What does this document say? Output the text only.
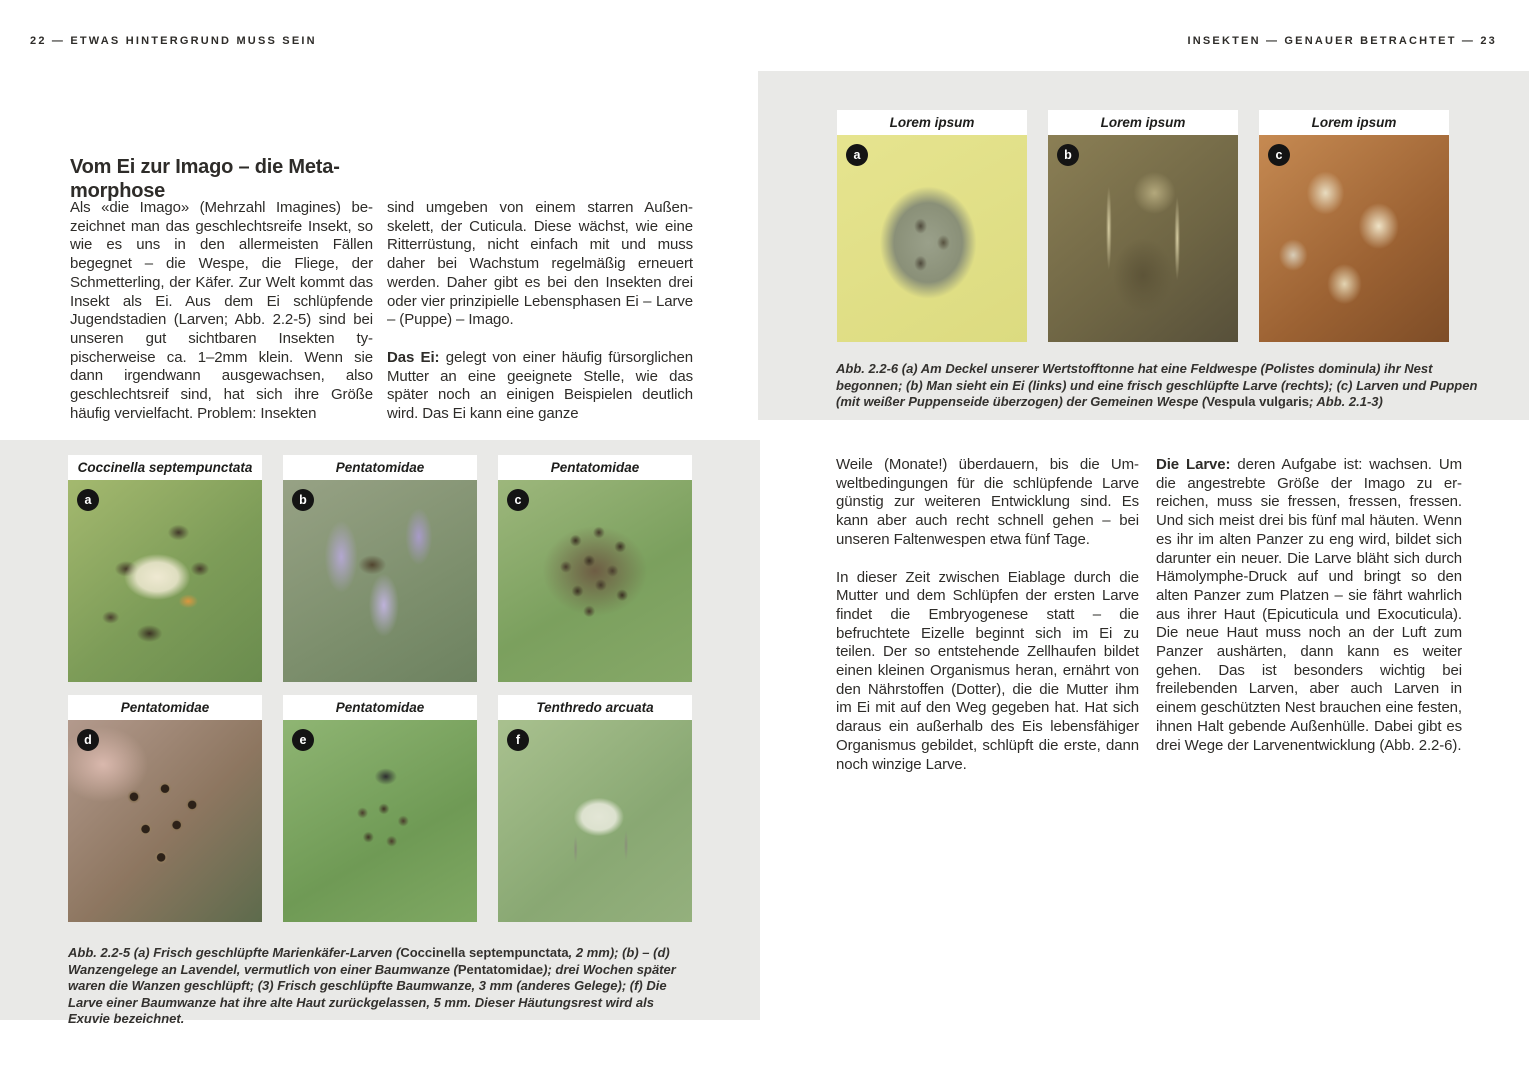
22 — ETWAS HINTERGRUND MUSS SEIN	INSEKTEN — GENAUER BETRACHTET — 23
Vom Ei zur Imago – die Metamorphose

Als «die Imago» (Mehrzahl Imagines) bezeichnet man das geschlechtsreife Insekt, so wie es uns in den allermeisten Fällen begegnet – die Wespe, die Fliege, der Schmetterling, der Käfer. Zur Welt kommt das Insekt als Ei. Aus dem Ei schlüpfende Jugendstadien (Larven; Abb. 2.2-5) sind bei unseren gut sichtbaren Insekten typischerweise ca. 1–2mm klein. Wenn sie dann irgendwann ausgewachsen, also geschlechtsreif sind, hat sich ihre Größe häufig vervielfacht. Problem: Insekten

sind umgeben von einem starren Außenskelett, der Cuticula. Diese wächst, wie eine Ritterrüstung, nicht einfach mit und muss daher bei Wachstum regelmäßig erneuert werden. Daher gibt es bei den Insekten drei oder vier prinzipielle Lebensphasen Ei – Larve – (Puppe) – Imago.

Das Ei: gelegt von einer häufig fürsorglichen Mutter an eine geeignete Stelle, wie das später noch an einigen Beispielen deutlich wird. Das Ei kann eine ganze

Coccinella septempunctata
a
Pentatomidae
b
Pentatomidae
c
Pentatomidae
d
Pentatomidae
e
Tenthredo arcuata
f

Abb. 2.2-5 (a) Frisch geschlüpfte Marienkäfer-Larven (Coccinella septempunctata, 2 mm); (b) – (d) Wanzengelege an Lavendel, vermutlich von einer Baumwanze (Pentatomidae); drei Wochen später waren die Wanzen geschlüpft; (3) Frisch geschlüpfte Baumwanze, 3 mm (anderes Gelege); (f) Die Larve einer Baumwanze hat ihre alte Haut zurückgelassen, 5 mm. Dieser Häutungsrest wird als Exuvie bezeichnet.

Lorem ipsum
a
Lorem ipsum
b
Lorem ipsum
c

Abb. 2.2-6 (a) Am Deckel unserer Wertstofftonne hat eine Feldwespe (Polistes dominula) ihr Nest begonnen; (b) Man sieht ein Ei (links) und eine frisch geschlüpfte Larve (rechts); (c) Larven und Puppen (mit weißer Puppenseide überzogen) der Gemeinen Wespe (Vespula vulgaris; Abb. 2.1-3)

Weile (Monate!) überdauern, bis die Umweltbedingungen für die schlüpfende Larve günstig zur weiteren Entwicklung sind. Es kann aber auch recht schnell gehen – bei unseren Faltenwespen etwa fünf Tage.

In dieser Zeit zwischen Eiablage durch die Mutter und dem Schlüpfen der ersten Larve findet die Embryogenese statt – die befruchtete Eizelle beginnt sich im Ei zu teilen. Der so entstehende Zellhaufen bildet einen kleinen Organismus heran, ernährt von den Nährstoffen (Dotter), die die Mutter ihm im Ei mit auf den Weg gegeben hat. Hat sich daraus ein außerhalb des Eis lebensfähiger Organismus gebildet, schlüpft die erste, dann noch winzige Larve.

Die Larve: deren Aufgabe ist: wachsen. Um die angestrebte Größe der Imago zu erreichen, muss sie fressen, fressen, fressen. Und sich meist drei bis fünf mal häuten. Wenn es ihr im alten Panzer zu eng wird, bildet sich darunter ein neuer. Die Larve bläht sich durch Hämolymphe-Druck auf und bringt so den alten Panzer zum Platzen – sie fährt wahrlich aus ihrer Haut (Epicuticula und Exocuticula). Die neue Haut muss noch an der Luft zum Panzer aushärten, dann kann es weiter gehen. Das ist besonders wichtig bei freilebenden Larven, aber auch Larven in einem geschützten Nest brauchen eine festen, ihnen Halt gebende Außenhülle. Dabei gibt es drei Wege der Larvenentwicklung (Abb. 2.2-6).
